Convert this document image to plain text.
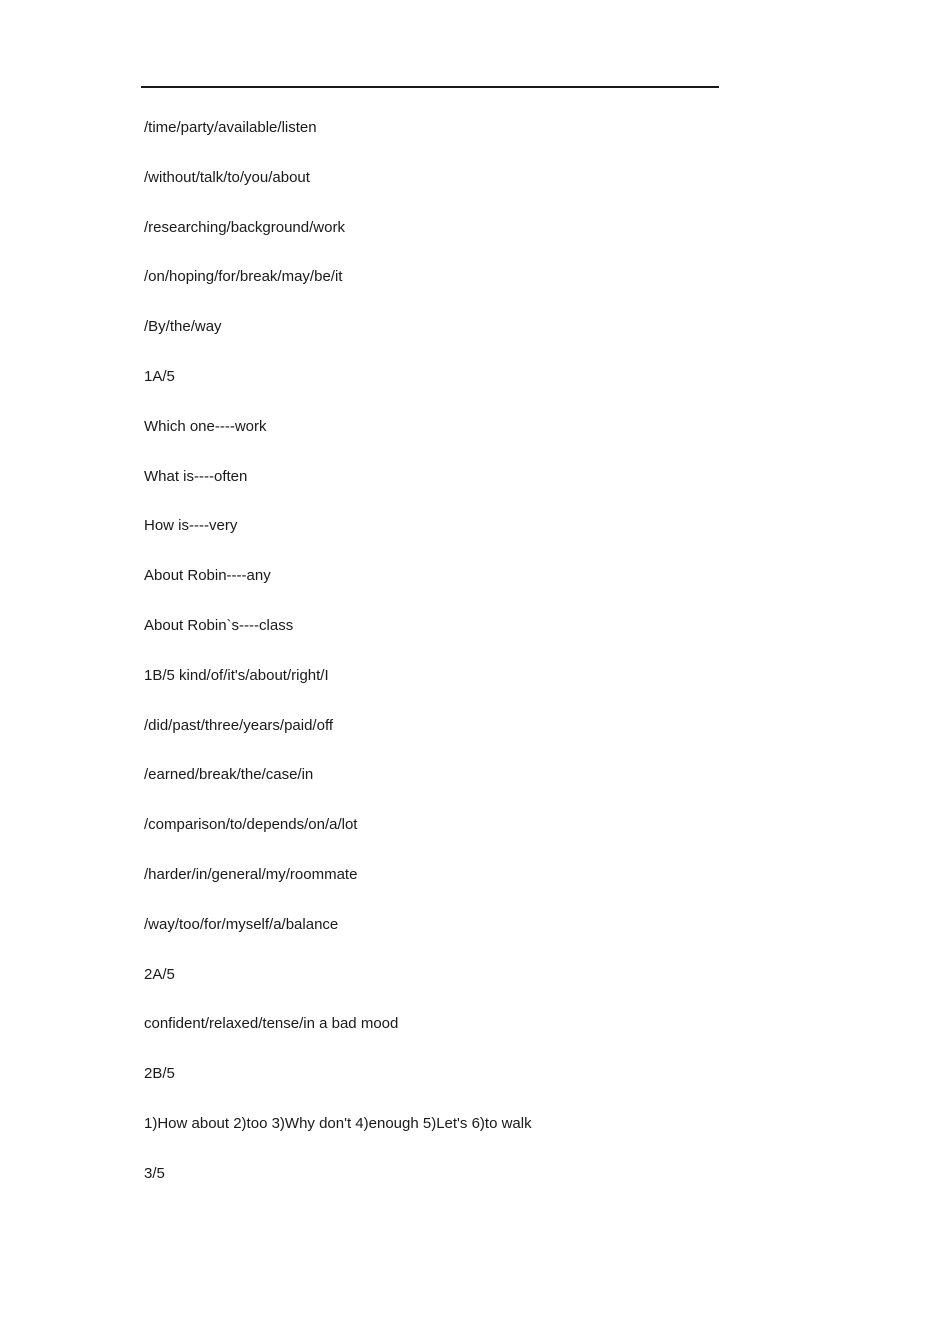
/time/party/available/listen
/without/talk/to/you/about
/researching/background/work
/on/hoping/for/break/may/be/it
/By/the/way
1A/5
Which one----work
What is----often
How is----very
About Robin----any
About Robin`s----class
1B/5 kind/of/it's/about/right/I
/did/past/three/years/paid/off
/earned/break/the/case/in
/comparison/to/depends/on/a/lot
/harder/in/general/my/roommate
/way/too/for/myself/a/balance
2A/5
confident/relaxed/tense/in a bad mood
2B/5
1)How about 2)too 3)Why don't 4)enough 5)Let's 6)to walk
3/5
